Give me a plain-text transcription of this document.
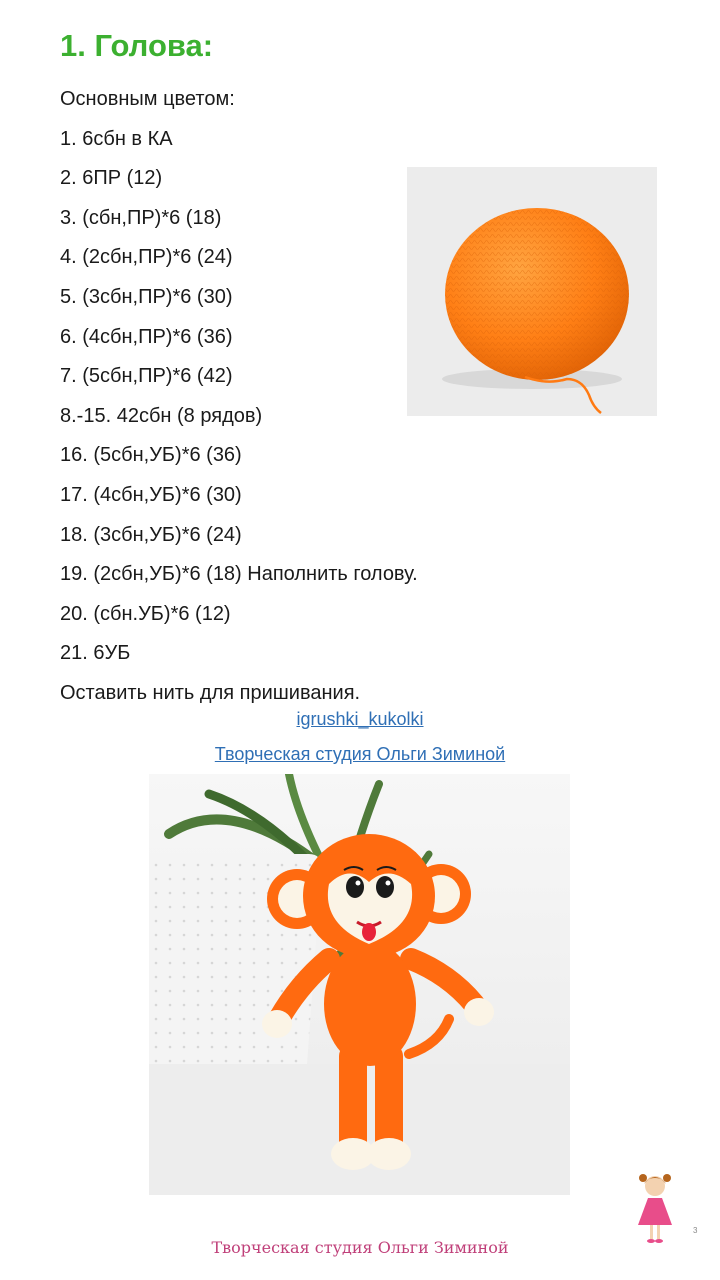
1. Голова:
Основным цветом:
1. 6сбн в КА
2. 6ПР (12)
3. (сбн,ПР)*6 (18)
4. (2сбн,ПР)*6 (24)
5. (3сбн,ПР)*6 (30)
6. (4сбн,ПР)*6 (36)
7. (5сбн,ПР)*6 (42)
8.-15. 42сбн (8 рядов)
16. (5сбн,УБ)*6 (36)
17. (4сбн,УБ)*6 (30)
18. (3сбн,УБ)*6 (24)
19. (2сбн,УБ)*6 (18) Наполнить голову.
20. (сбн.УБ)*6 (12)
21. 6УБ
Оставить нить для пришивания.
igrushki_kukolki
Творческая студия Ольги Зиминой
3
Творческая студия Ольги Зиминой
